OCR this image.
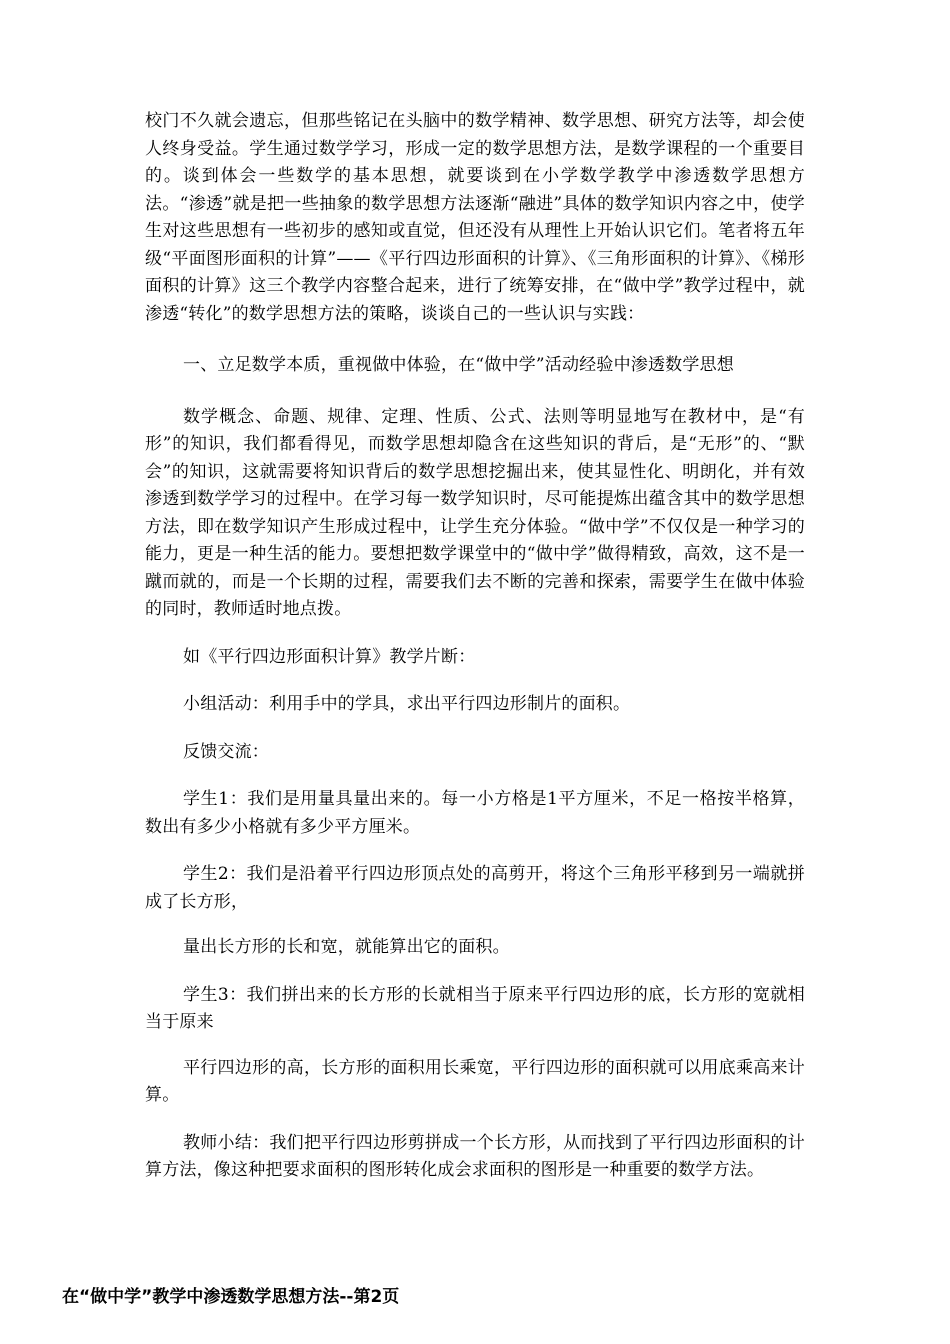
校门不久就会遗忘，但那些铭记在头脑中的数学精神、数学思想、研究方法等，却会使人终身受益。学生通过数学学习，形成一定的数学思想方法，是数学课程的一个重要目的。谈到体会一些数学的基本思想，就要谈到在小学数学教学中渗透数学思想方法。“渗透”就是把一些抽象的数学思想方法逐渐“融进”具体的数学知识内容之中，使学生对这些思想有一些初步的感知或直觉，但还没有从理性上开始认识它们。笔者将五年级“平面图形面积的计算”——《平行四边形面积的计算》、《三角形面积的计算》、《梯形面积的计算》这三个教学内容整合起来，进行了统筹安排，在“做中学”教学过程中，就渗透“转化”的数学思想方法的策略，谈谈自己的一些认识与实践：

一、立足数学本质，重视做中体验，在“做中学”活动经验中渗透数学思想

数学概念、命题、规律、定理、性质、公式、法则等明显地写在教材中，是“有形”的知识，我们都看得见，而数学思想却隐含在这些知识的背后，是“无形”的、“默会”的知识，这就需要将知识背后的数学思想挖掘出来，使其显性化、明朗化，并有效渗透到数学学习的过程中。在学习每一数学知识时，尽可能提炼出蕴含其中的数学思想方法，即在数学知识产生形成过程中，让学生充分体验。“做中学”不仅仅是一种学习的能力，更是一种生活的能力。要想把数学课堂中的“做中学”做得精致，高效，这不是一蹴而就的，而是一个长期的过程，需要我们去不断的完善和探索，需要学生在做中体验的同时，教师适时地点拨。

如《平行四边形面积计算》教学片断：

小组活动：利用手中的学具，求出平行四边形制片的面积。

反馈交流：

学生1：我们是用量具量出来的。每一小方格是1平方厘米，不足一格按半格算，数出有多少小格就有多少平方厘米。

学生2：我们是沿着平行四边形顶点处的高剪开，将这个三角形平移到另一端就拼成了长方形，

量出长方形的长和宽，就能算出它的面积。

学生3：我们拼出来的长方形的长就相当于原来平行四边形的底，长方形的宽就相当于原来

平行四边形的高，长方形的面积用长乘宽，平行四边形的面积就可以用底乘高来计算。

教师小结：我们把平行四边形剪拼成一个长方形，从而找到了平行四边形面积的计算方法，像这种把要求面积的图形转化成会求面积的图形是一种重要的数学方法。

在“做中学”教学中渗透数学思想方法--第2页
